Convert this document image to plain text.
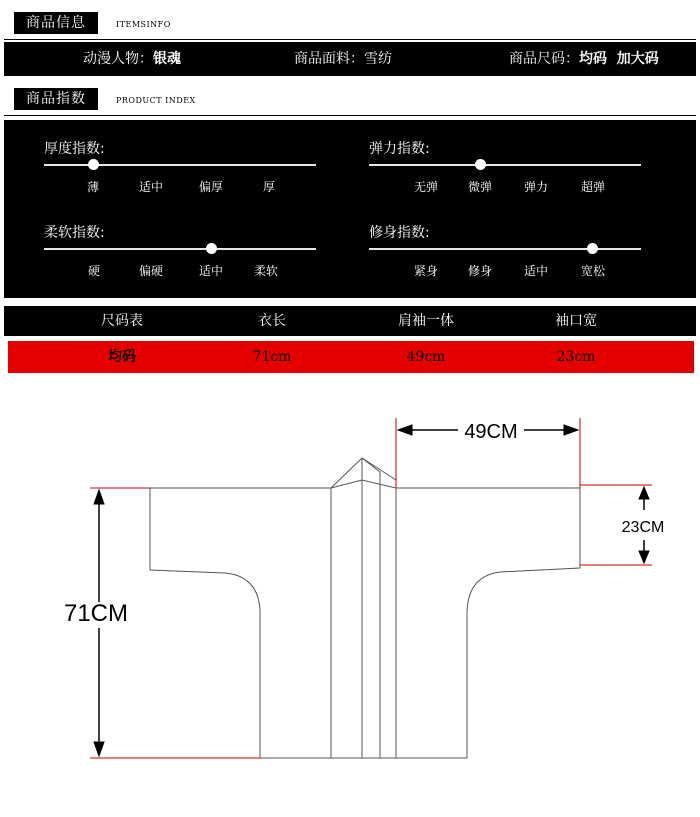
商品信息	ITEMSINFO
动漫人物：银魂	商品面料：雪纺	商品尺码：均码  加大码
商品指数	PRODUCT INDEX
厚度指数:
薄	适中	偏厚	厚
弹力指数:
无弹 微弹	弹力	超弹
柔软指数:
硬	偏硬	适中	柔软
修身指数:
紧身 修身	适中	宽松
尺码表	衣长	肩袖一体	袖口宽
均码	71cm	49cm	23cm
71CM
49CM
23CM
